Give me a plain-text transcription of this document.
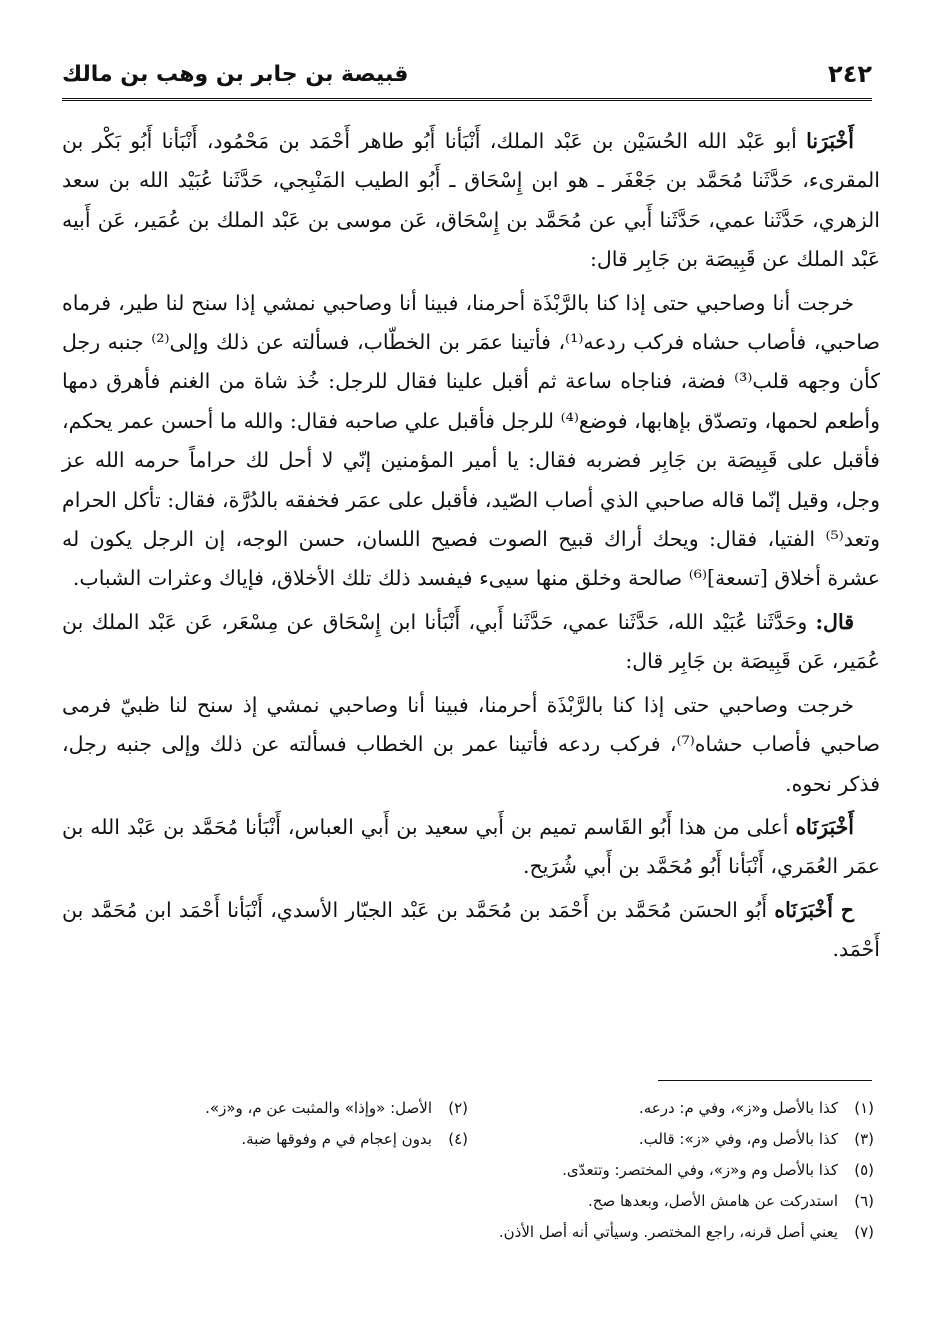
٢٤٢
قبيصة بن جابر بن وهب بن مالك

أَخْبَرَنا أبو عَبْد الله الحُسَيْن بن عَبْد الملك، أَنْبَأنا أَبُو طاهر أَحْمَد بن مَحْمُود، أَنْبَأنا أَبُو بَكْر بن المقرىء، حَدَّثَنا مُحَمَّد بن جَعْفَر ـ هو ابن إِسْحَاق ـ أَبُو الطيب المَنْبِجي، حَدَّثَنا عُبَيْد الله بن سعد الزهري، حَدَّثَنا عمي، حَدَّثَنا أَبي عن مُحَمَّد بن إِسْحَاق، عَن موسى بن عَبْد الملك بن عُمَير، عَن أَبيه عَبْد الملك عن قَبِيصَة بن جَابِر قال:

خرجت أنا وصاحبي حتى إذا كنا بالرَّبْذَة أحرمنا، فبينا أنا وصاحبي نمشي إذا سنح لنا طير، فرماه صاحبي، فأصاب حشاه فركب ردعه⁽¹⁾، فأتينا عمَر بن الخطّاب، فسألته عن ذلك وإلى⁽²⁾ جنبه رجل كأن وجهه قلب⁽³⁾ فضة، فناجاه ساعة ثم أقبل علينا فقال للرجل: خُذ شاة من الغنم فأهرق دمها وأطعم لحمها، وتصدّق بإهابها، فوضع⁽⁴⁾ للرجل فأقبل علي صاحبه فقال: والله ما أحسن عمر يحكم، فأقبل على قَبِيصَة بن جَابِر فضربه فقال: يا أمير المؤمنين إنّي لا أحل لك حراماً حرمه الله عز وجل، وقيل إنّما قاله صاحبي الذي أصاب الصّيد، فأقبل على عمَر فخفقه بالدُرَّة، فقال: تأكل الحرام وتعد⁽⁵⁾ الفتيا، فقال: ويحك أراك قبيح الصوت فصيح اللسان، حسن الوجه، إن الرجل يكون له عشرة أخلاق [تسعة]⁽⁶⁾ صالحة وخلق منها سيىء فيفسد ذلك تلك الأخلاق، فإياك وعثرات الشباب.

قال: وحَدَّثَنا عُبَيْد الله، حَدَّثَنا عمي، حَدَّثَنا أَبي، أَنْبَأنا ابن إِسْحَاق عن مِسْعَر، عَن عَبْد الملك بن عُمَير، عَن قَبِيصَة بن جَابِر قال:

خرجت وصاحبي حتى إذا كنا بالرَّبْذَة أحرمنا، فبينا أنا وصاحبي نمشي إذ سنح لنا ظبيّ فرمى صاحبي فأصاب حشاه⁽⁷⁾، فركب ردعه فأتينا عمر بن الخطاب فسألته عن ذلك وإلى جنبه رجل، فذكر نحوه.

أَخْبَرَنَاه أعلى من هذا أَبُو القَاسم تميم بن أَبي سعيد بن أَبي العباس، أَنْبَأنا مُحَمَّد بن عَبْد الله بن عمَر العُمَري، أَنْبَأنا أَبُو مُحَمَّد بن أَبي شُرَيح.

ح أَخْبَرَنَاه أَبُو الحسَن مُحَمَّد بن أَحْمَد بن مُحَمَّد بن عَبْد الجبّار الأسدي، أَنْبَأنا أَحْمَد ابن مُحَمَّد بن أَحْمَد.

(١)
كذا بالأصل و«ز»، وفي م: درعه.
(٢)
الأصل: «وإذا» والمثبت عن م، و«ز».
(٣)
كذا بالأصل وم، وفي «ز»: قالب.
(٤)
بدون إعجام في م وفوقها ضبة.
(٥)
كذا بالأصل وم و«ز»، وفي المختصر: وتتعدّى.
(٦)
استدركت عن هامش الأصل، وبعدها صح.
(٧)
يعني أصل قرنه، راجع المختصر. وسيأتي أنه أصل الأذن.
